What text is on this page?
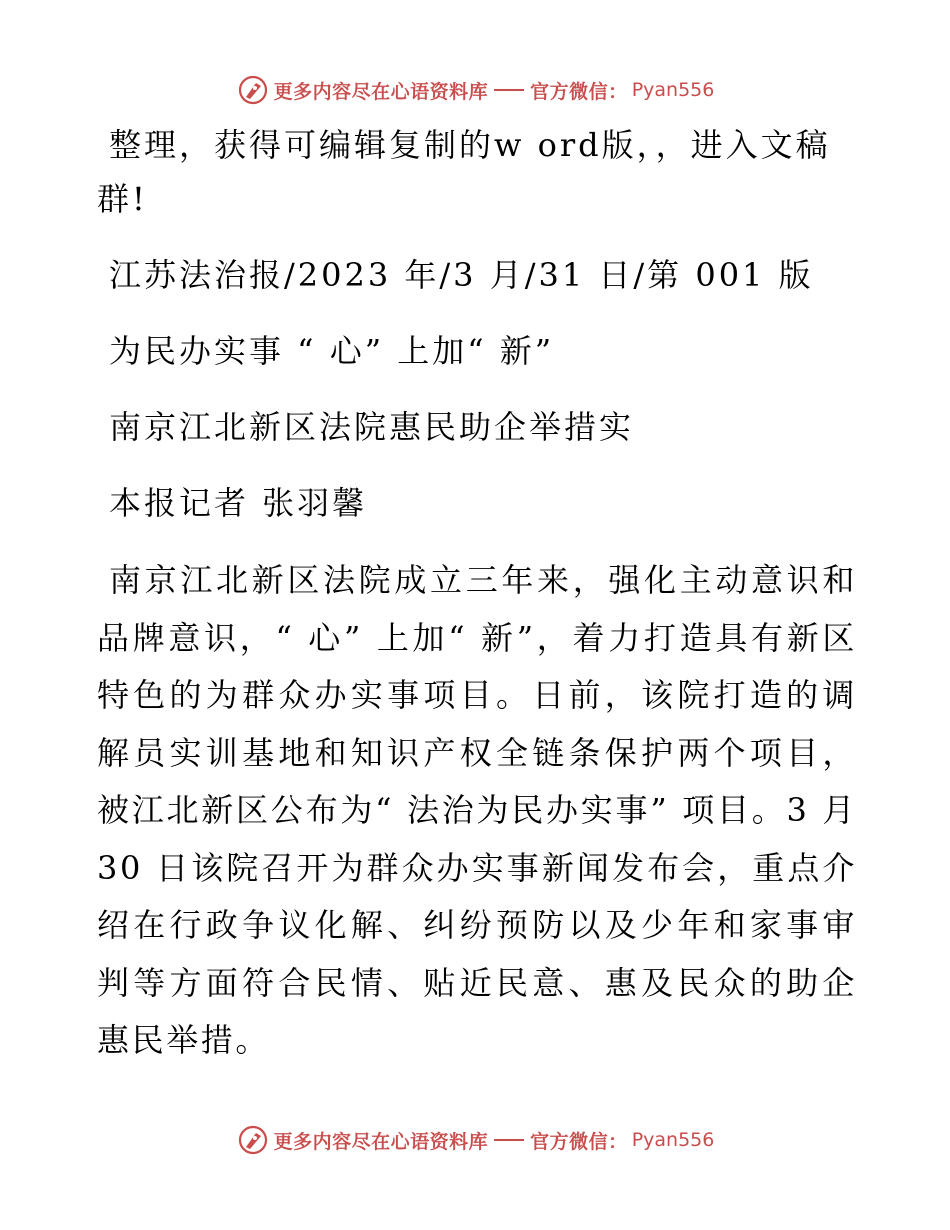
更多内容尽在心语资料库 官方微信： Pyan556

整理，获得可编辑复制的w ord版，，进入文稿群!

江苏法治报/2023 年/3 月/31 日/第 001 版

为民办实事 “ 心” 上加“ 新”

南京江北新区法院惠民助企举措实

本报记者 张羽馨

南京江北新区法院成立三年来，强化主动意识和品牌意识，“ 心” 上加“ 新”，着力打造具有新区特色的为群众办实事项目。日前，该院打造的调解员实训基地和知识产权全链条保护两个项目，被江北新区公布为“ 法治为民办实事” 项目。3 月 30 日该院召开为群众办实事新闻发布会，重点介绍在行政争议化解、纠纷预防以及少年和家事审判等方面符合民情、贴近民意、惠及民众的助企惠民举措。

更多内容尽在心语资料库 官方微信： Pyan556
